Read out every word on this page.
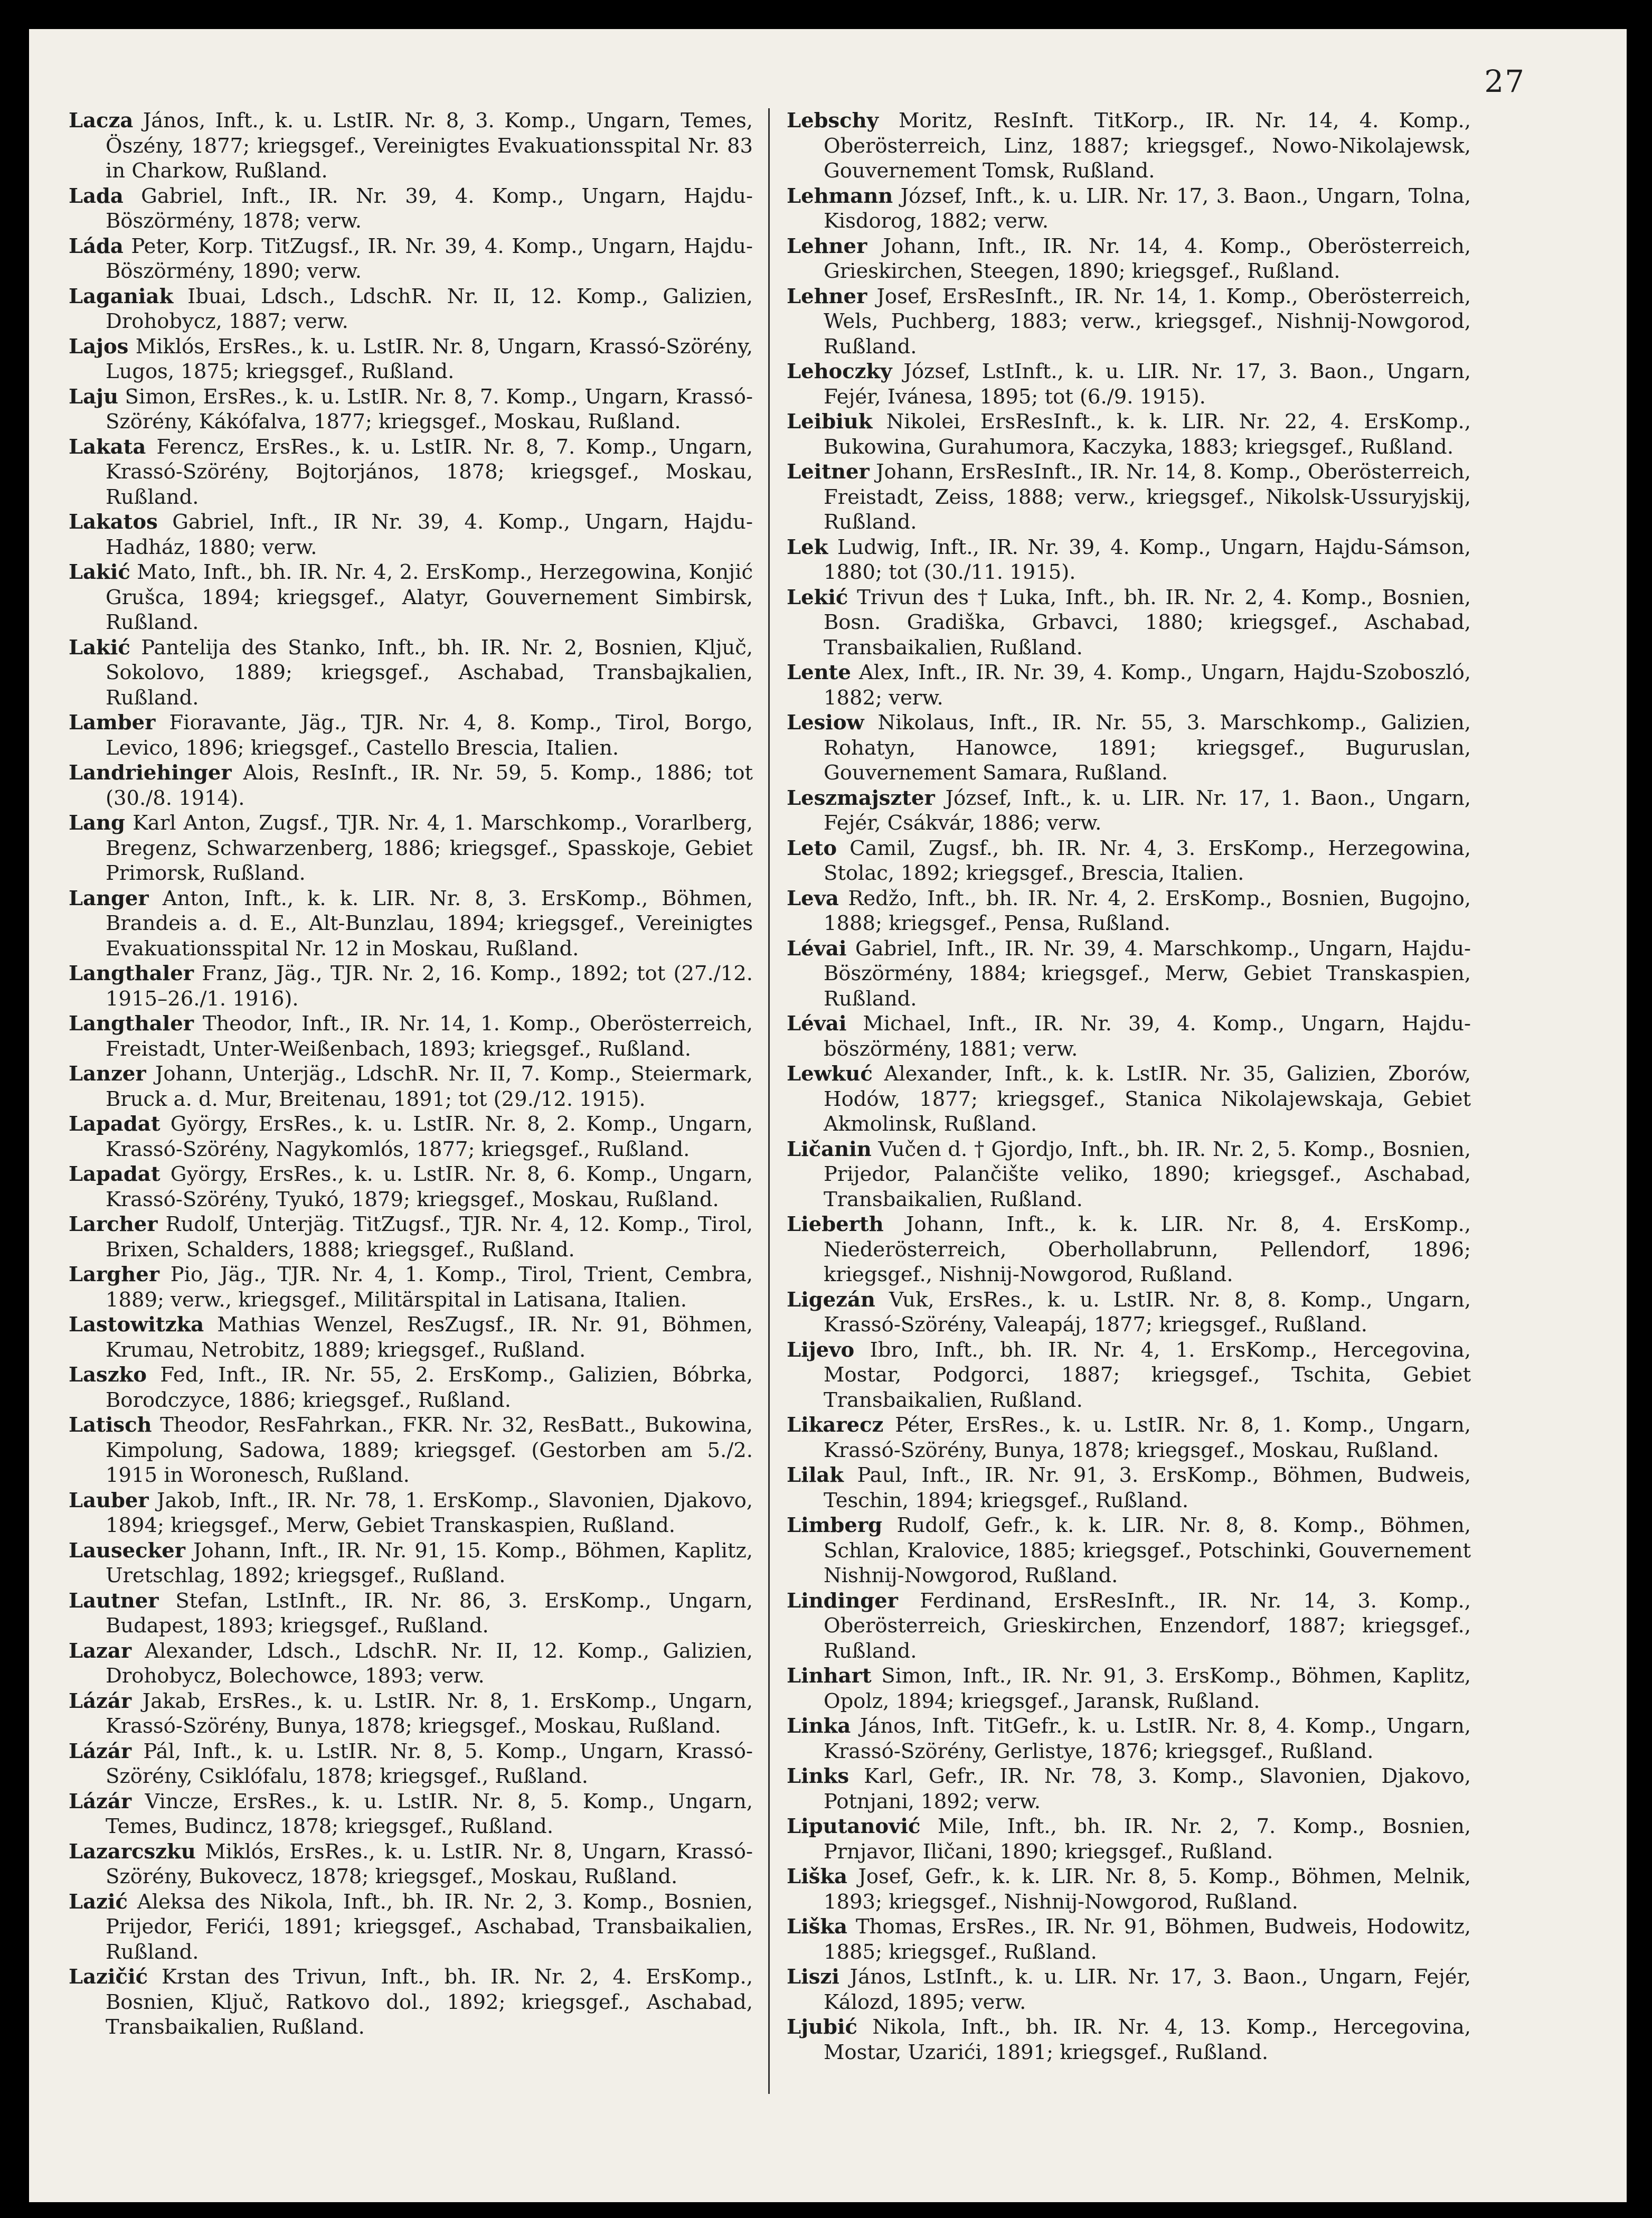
27

Lacza János, Inft., k. u. LstIR. Nr. 8, 3. Komp., Ungarn, Temes, Öszény, 1877; kriegsgef., Vereinigtes Evakuationsspital Nr. 83 in Charkow, Rußland.

Lada Gabriel, Inft., IR. Nr. 39, 4. Komp., Ungarn, Hajdu-Böszörmény, 1878; verw.

Láda Peter, Korp. TitZugsf., IR. Nr. 39, 4. Komp., Ungarn, Hajdu-Böszörmény, 1890; verw.

Laganiak Ibuai, Ldsch., LdschR. Nr. II, 12. Komp., Galizien, Drohobycz, 1887; verw.

Lajos Miklós, ErsRes., k. u. LstIR. Nr. 8, Ungarn, Krassó-Szörény, Lugos, 1875; kriegsgef., Rußland.

Laju Simon, ErsRes., k. u. LstIR. Nr. 8, 7. Komp., Ungarn, Krassó-Szörény, Kákófalva, 1877; kriegsgef., Moskau, Rußland.

Lakata Ferencz, ErsRes., k. u. LstIR. Nr. 8, 7. Komp., Ungarn, Krassó-Szörény, Bojtorjános, 1878; kriegsgef., Moskau, Rußland.

Lakatos Gabriel, Inft., IR Nr. 39, 4. Komp., Ungarn, Hajdu-Hadház, 1880; verw.

Lakić Mato, Inft., bh. IR. Nr. 4, 2. ErsKomp., Herzegowina, Konjić Grušca, 1894; kriegsgef., Alatyr, Gouvernement Simbirsk, Rußland.

Lakić Pantelija des Stanko, Inft., bh. IR. Nr. 2, Bosnien, Ključ, Sokolovo, 1889; kriegsgef., Aschabad, Transbajkalien, Rußland.

Lamber Fioravante, Jäg., TJR. Nr. 4, 8. Komp., Tirol, Borgo, Levico, 1896; kriegsgef., Castello Brescia, Italien.

Landriehinger Alois, ResInft., IR. Nr. 59, 5. Komp., 1886; tot (30./8. 1914).

Lang Karl Anton, Zugsf., TJR. Nr. 4, 1. Marschkomp., Vorarlberg, Bregenz, Schwarzenberg, 1886; kriegsgef., Spasskoje, Gebiet Primorsk, Rußland.

Langer Anton, Inft., k. k. LIR. Nr. 8, 3. ErsKomp., Böhmen, Brandeis a. d. E., Alt-Bunzlau, 1894; kriegsgef., Vereinigtes Evakuationsspital Nr. 12 in Moskau, Rußland.

Langthaler Franz, Jäg., TJR. Nr. 2, 16. Komp., 1892; tot (27./12. 1915–26./1. 1916).

Langthaler Theodor, Inft., IR. Nr. 14, 1. Komp., Oberösterreich, Freistadt, Unter-Weißenbach, 1893; kriegsgef., Rußland.

Lanzer Johann, Unterjäg., LdschR. Nr. II, 7. Komp., Steiermark, Bruck a. d. Mur, Breitenau, 1891; tot (29./12. 1915).

Lapadat György, ErsRes., k. u. LstIR. Nr. 8, 2. Komp., Ungarn, Krassó-Szörény, Nagykomlós, 1877; kriegsgef., Rußland.

Lapadat György, ErsRes., k. u. LstIR. Nr. 8, 6. Komp., Ungarn, Krassó-Szörény, Tyukó, 1879; kriegsgef., Moskau, Rußland.

Larcher Rudolf, Unterjäg. TitZugsf., TJR. Nr. 4, 12. Komp., Tirol, Brixen, Schalders, 1888; kriegsgef., Rußland.

Largher Pio, Jäg., TJR. Nr. 4, 1. Komp., Tirol, Trient, Cembra, 1889; verw., kriegsgef., Militärspital in Latisana, Italien.

Lastowitzka Mathias Wenzel, ResZugsf., IR. Nr. 91, Böhmen, Krumau, Netrobitz, 1889; kriegsgef., Rußland.

Laszko Fed, Inft., IR. Nr. 55, 2. ErsKomp., Galizien, Bóbrka, Borodczyce, 1886; kriegsgef., Rußland.

Latisch Theodor, ResFahrkan., FKR. Nr. 32, ResBatt., Bukowina, Kimpolung, Sadowa, 1889; kriegsgef. (Gestorben am 5./2. 1915 in Woronesch, Rußland.

Lauber Jakob, Inft., IR. Nr. 78, 1. ErsKomp., Slavonien, Djakovo, 1894; kriegsgef., Merw, Gebiet Transkaspien, Rußland.

Lausecker Johann, Inft., IR. Nr. 91, 15. Komp., Böhmen, Kaplitz, Uretschlag, 1892; kriegsgef., Rußland.

Lautner Stefan, LstInft., IR. Nr. 86, 3. ErsKomp., Ungarn, Budapest, 1893; kriegsgef., Rußland.

Lazar Alexander, Ldsch., LdschR. Nr. II, 12. Komp., Galizien, Drohobycz, Bolechowce, 1893; verw.

Lázár Jakab, ErsRes., k. u. LstIR. Nr. 8, 1. ErsKomp., Ungarn, Krassó-Szörény, Bunya, 1878; kriegsgef., Moskau, Rußland.

Lázár Pál, Inft., k. u. LstIR. Nr. 8, 5. Komp., Ungarn, Krassó-Szörény, Csiklófalu, 1878; kriegsgef., Rußland.

Lázár Vincze, ErsRes., k. u. LstIR. Nr. 8, 5. Komp., Ungarn, Temes, Budincz, 1878; kriegsgef., Rußland.

Lazarcszku Miklós, ErsRes., k. u. LstIR. Nr. 8, Ungarn, Krassó-Szörény, Bukovecz, 1878; kriegsgef., Moskau, Rußland.

Lazić Aleksa des Nikola, Inft., bh. IR. Nr. 2, 3. Komp., Bosnien, Prijedor, Ferići, 1891; kriegsgef., Aschabad, Transbaikalien, Rußland.

Lazičić Krstan des Trivun, Inft., bh. IR. Nr. 2, 4. ErsKomp., Bosnien, Ključ, Ratkovo dol., 1892; kriegsgef., Aschabad, Transbaikalien, Rußland.

Lebschy Moritz, ResInft. TitKorp., IR. Nr. 14, 4. Komp., Oberösterreich, Linz, 1887; kriegsgef., Nowo-Nikolajewsk, Gouvernement Tomsk, Rußland.

Lehmann József, Inft., k. u. LIR. Nr. 17, 3. Baon., Ungarn, Tolna, Kisdorog, 1882; verw.

Lehner Johann, Inft., IR. Nr. 14, 4. Komp., Oberösterreich, Grieskirchen, Steegen, 1890; kriegsgef., Rußland.

Lehner Josef, ErsResInft., IR. Nr. 14, 1. Komp., Oberösterreich, Wels, Puchberg, 1883; verw., kriegsgef., Nishnij-Nowgorod, Rußland.

Lehoczky József, LstInft., k. u. LIR. Nr. 17, 3. Baon., Ungarn, Fejér, Ivánesa, 1895; tot (6./9. 1915).

Leibiuk Nikolei, ErsResInft., k. k. LIR. Nr. 22, 4. ErsKomp., Bukowina, Gurahumora, Kaczyka, 1883; kriegsgef., Rußland.

Leitner Johann, ErsResInft., IR. Nr. 14, 8. Komp., Oberösterreich, Freistadt, Zeiss, 1888; verw., kriegsgef., Nikolsk-Ussuryjskij, Rußland.

Lek Ludwig, Inft., IR. Nr. 39, 4. Komp., Ungarn, Hajdu-Sámson, 1880; tot (30./11. 1915).

Lekić Trivun des † Luka, Inft., bh. IR. Nr. 2, 4. Komp., Bosnien, Bosn. Gradiška, Grbavci, 1880; kriegsgef., Aschabad, Transbaikalien, Rußland.

Lente Alex, Inft., IR. Nr. 39, 4. Komp., Ungarn, Hajdu-Szoboszló, 1882; verw.

Lesiow Nikolaus, Inft., IR. Nr. 55, 3. Marschkomp., Galizien, Rohatyn, Hanowce, 1891; kriegsgef., Buguruslan, Gouvernement Samara, Rußland.

Leszmajszter József, Inft., k. u. LIR. Nr. 17, 1. Baon., Ungarn, Fejér, Csákvár, 1886; verw.

Leto Camil, Zugsf., bh. IR. Nr. 4, 3. ErsKomp., Herzegowina, Stolac, 1892; kriegsgef., Brescia, Italien.

Leva Redžo, Inft., bh. IR. Nr. 4, 2. ErsKomp., Bosnien, Bugojno, 1888; kriegsgef., Pensa, Rußland.

Lévai Gabriel, Inft., IR. Nr. 39, 4. Marschkomp., Ungarn, Hajdu-Böszörmény, 1884; kriegsgef., Merw, Gebiet Transkaspien, Rußland.

Lévai Michael, Inft., IR. Nr. 39, 4. Komp., Ungarn, Hajdu-böszörmény, 1881; verw.

Lewkuć Alexander, Inft., k. k. LstIR. Nr. 35, Galizien, Zborów, Hodów, 1877; kriegsgef., Stanica Nikolajewskaja, Gebiet Akmolinsk, Rußland.

Ličanin Vučen d. † Gjordjo, Inft., bh. IR. Nr. 2, 5. Komp., Bosnien, Prijedor, Palančište veliko, 1890; kriegsgef., Aschabad, Transbaikalien, Rußland.

Lieberth Johann, Inft., k. k. LIR. Nr. 8, 4. ErsKomp., Niederösterreich, Oberhollabrunn, Pellendorf, 1896; kriegsgef., Nishnij-Nowgorod, Rußland.

Ligezán Vuk, ErsRes., k. u. LstIR. Nr. 8, 8. Komp., Ungarn, Krassó-Szörény, Valeapáj, 1877; kriegsgef., Rußland.

Lijevo Ibro, Inft., bh. IR. Nr. 4, 1. ErsKomp., Hercegovina, Mostar, Podgorci, 1887; kriegsgef., Tschita, Gebiet Transbaikalien, Rußland.

Likarecz Péter, ErsRes., k. u. LstIR. Nr. 8, 1. Komp., Ungarn, Krassó-Szörény, Bunya, 1878; kriegsgef., Moskau, Rußland.

Lilak Paul, Inft., IR. Nr. 91, 3. ErsKomp., Böhmen, Budweis, Teschin, 1894; kriegsgef., Rußland.

Limberg Rudolf, Gefr., k. k. LIR. Nr. 8, 8. Komp., Böhmen, Schlan, Kralovice, 1885; kriegsgef., Potschinki, Gouvernement Nishnij-Nowgorod, Rußland.

Lindinger Ferdinand, ErsResInft., IR. Nr. 14, 3. Komp., Oberösterreich, Grieskirchen, Enzendorf, 1887; kriegsgef., Rußland.

Linhart Simon, Inft., IR. Nr. 91, 3. ErsKomp., Böhmen, Kaplitz, Opolz, 1894; kriegsgef., Jaransk, Rußland.

Linka János, Inft. TitGefr., k. u. LstIR. Nr. 8, 4. Komp., Ungarn, Krassó-Szörény, Gerlistye, 1876; kriegsgef., Rußland.

Links Karl, Gefr., IR. Nr. 78, 3. Komp., Slavonien, Djakovo, Potnjani, 1892; verw.

Liputanović Mile, Inft., bh. IR. Nr. 2, 7. Komp., Bosnien, Prnjavor, Iličani, 1890; kriegsgef., Rußland.

Liška Josef, Gefr., k. k. LIR. Nr. 8, 5. Komp., Böhmen, Melnik, 1893; kriegsgef., Nishnij-Nowgorod, Rußland.

Liška Thomas, ErsRes., IR. Nr. 91, Böhmen, Budweis, Hodowitz, 1885; kriegsgef., Rußland.

Liszi János, LstInft., k. u. LIR. Nr. 17, 3. Baon., Ungarn, Fejér, Kálozd, 1895; verw.

Ljubić Nikola, Inft., bh. IR. Nr. 4, 13. Komp., Hercegovina, Mostar, Uzarići, 1891; kriegsgef., Rußland.
